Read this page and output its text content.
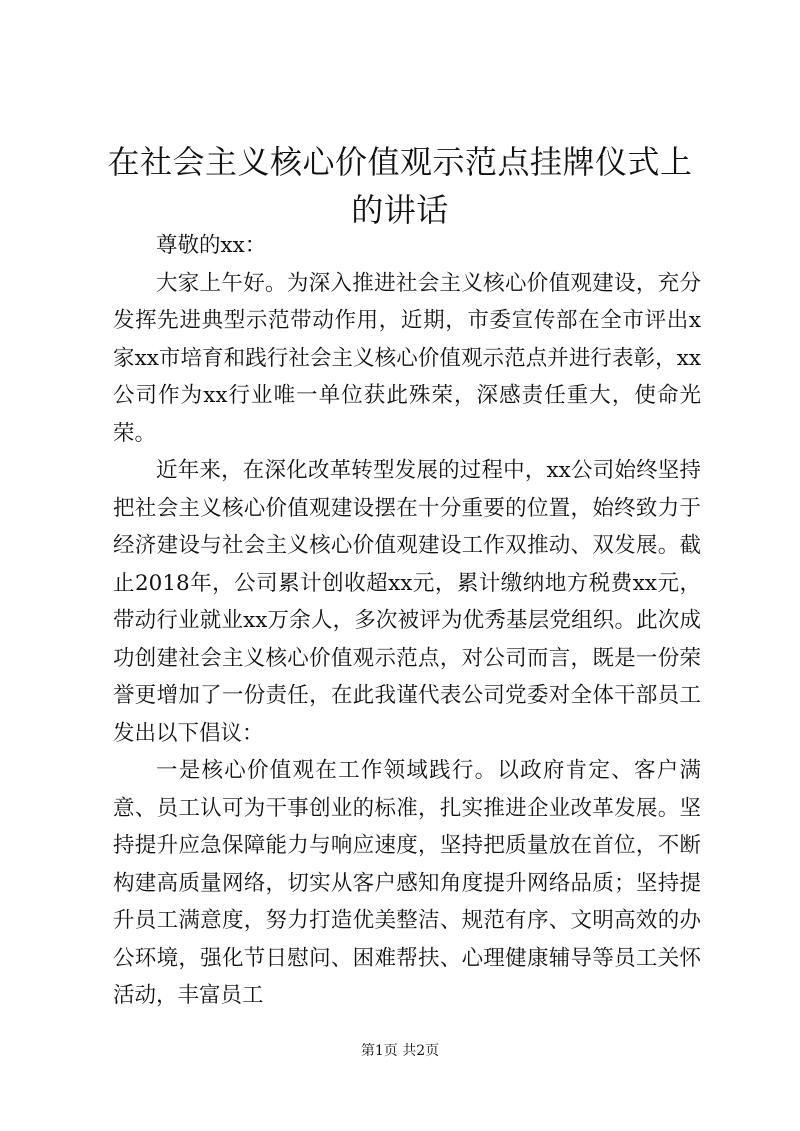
在社会主义核心价值观示范点挂牌仪式上的讲话

尊敬的xx：

大家上午好。为深入推进社会主义核心价值观建设，充分发挥先进典型示范带动作用，近期，市委宣传部在全市评出x家xx市培育和践行社会主义核心价值观示范点并进行表彰，xx公司作为xx行业唯一单位获此殊荣，深感责任重大，使命光荣。

近年来，在深化改革转型发展的过程中，xx公司始终坚持把社会主义核心价值观建设摆在十分重要的位置，始终致力于经济建设与社会主义核心价值观建设工作双推动、双发展。截止2018年，公司累计创收超xx元，累计缴纳地方税费xx元，带动行业就业xx万余人，多次被评为优秀基层党组织。此次成功创建社会主义核心价值观示范点，对公司而言，既是一份荣誉更增加了一份责任，在此我谨代表公司党委对全体干部员工发出以下倡议：

一是核心价值观在工作领域践行。以政府肯定、客户满意、员工认可为干事创业的标准，扎实推进企业改革发展。坚持提升应急保障能力与响应速度，坚持把质量放在首位，不断构建高质量网络，切实从客户感知角度提升网络品质；坚持提升员工满意度，努力打造优美整洁、规范有序、文明高效的办公环境，强化节日慰问、困难帮扶、心理健康辅导等员工关怀活动，丰富员工

第1页 共2页
